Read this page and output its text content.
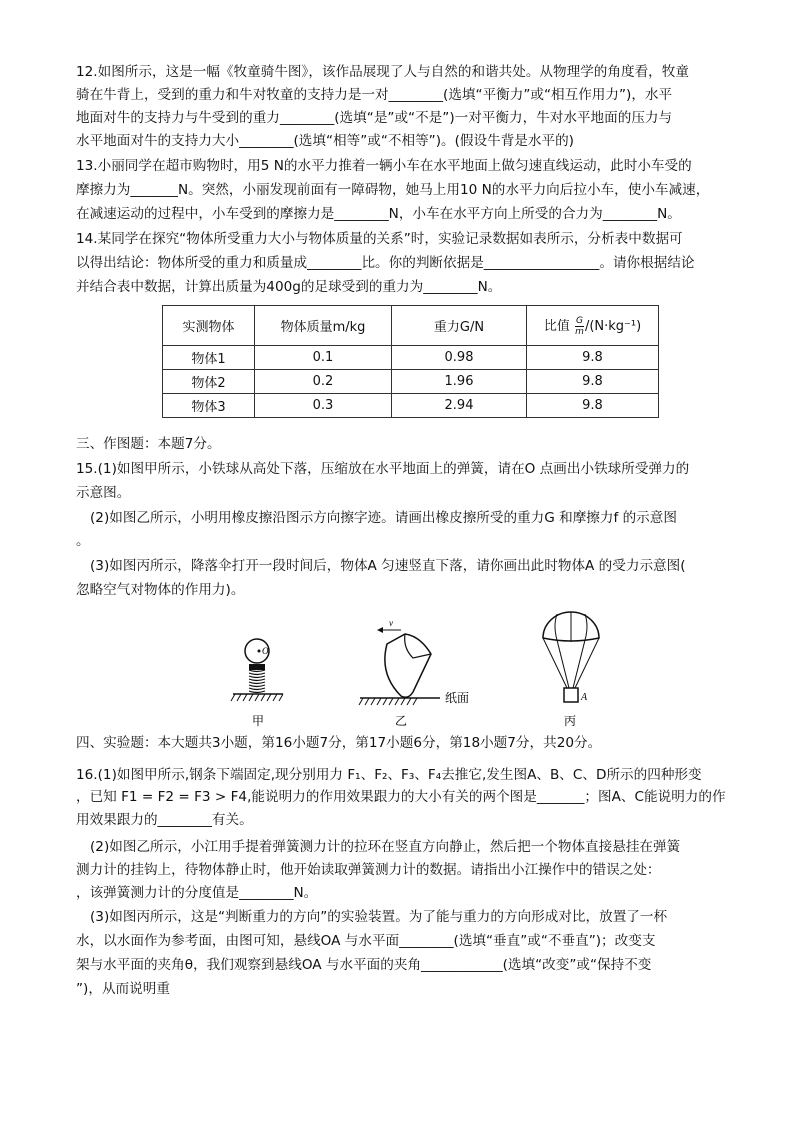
12.如图所示，这是一幅《牧童骑牛图》，该作品展现了人与自然的和谐共处。从物理学的角度看，牧童
骑在牛背上，受到的重力和牛对牧童的支持力是一对________(选填“平衡力”或“相互作用力”)，水平
地面对牛的支持力与牛受到的重力________(选填“是”或“不是”)一对平衡力，牛对水平地面的压力与
水平地面对牛的支持力大小________(选填“相等”或“不相等”)。(假设牛背是水平的)
13.小丽同学在超市购物时，用5 N的水平力推着一辆小车在水平地面上做匀速直线运动，此时小车受的
摩擦力为_______N。突然，小丽发现前面有一障碍物，她马上用10 N的水平力向后拉小车，使小车减速，
在减速运动的过程中，小车受到的摩擦力是________N，小车在水平方向上所受的合力为________N。
14.某同学在探究“物体所受重力大小与物体质量的关系”时，实验记录数据如表所示，分析表中数据可
以得出结论：物体所受的重力和质量成________比。你的判断依据是_________________。请你根据结论
并结合表中数据，计算出质量为400g的足球受到的重力为________N。
实测物体	物体质量m/kg	重力G/N	比值 $\frac{G}{m} /(N\cdot kg^{-1})$
物体1	0.1	0.98	9.8
物体2	0.2	1.96	9.8
物体3	0.3	2.94	9.8
三、作图题：本题7分。
15.(1)如图甲所示，小铁球从高处下落，压缩放在水平地面上的弹簧，请在O 点画出小铁球所受弹力的
示意图。
(2)如图乙所示，小明用橡皮擦沿图示方向擦字迹。请画出橡皮擦所受的重力G 和摩擦力f 的示意图
。
(3)如图丙所示，降落伞打开一段时间后，物体A 匀速竖直下落，请你画出此时物体A 的受力示意图(
忽略空气对物体的作用力)。
O
甲
v
纸面
乙
A
丙
四、实验题：本大题共3小题，第16小题7分，第17小题6分，第18小题7分，共20分。
16.(1)如图甲所示,钢条下端固定,现分别用力 F₁、F₂、F₃、F₄去推它,发生图A、B、C、D所示的四种形变
，已知 F1 = F2 = F3 > F4,能说明力的作用效果跟力的大小有关的两个图是_______；图A、C能说明力的作
用效果跟力的________有关。
(2)如图乙所示，小江用手提着弹簧测力计的拉环在竖直方向静止，然后把一个物体直接悬挂在弹簧
测力计的挂钩上，待物体静止时，他开始读取弹簧测力计的数据。请指出小江操作中的错误之处：
，该弹簧测力计的分度值是________N。
(3)如图丙所示，这是“判断重力的方向”的实验装置。为了能与重力的方向形成对比，放置了一杯
水，以水面作为参考面，由图可知，悬线OA 与水平面________(选填“垂直”或“不垂直”)；改变支
架与水平面的夹角θ，我们观察到悬线OA 与水平面的夹角____________(选填“改变”或“保持不变
”)，从而说明重
